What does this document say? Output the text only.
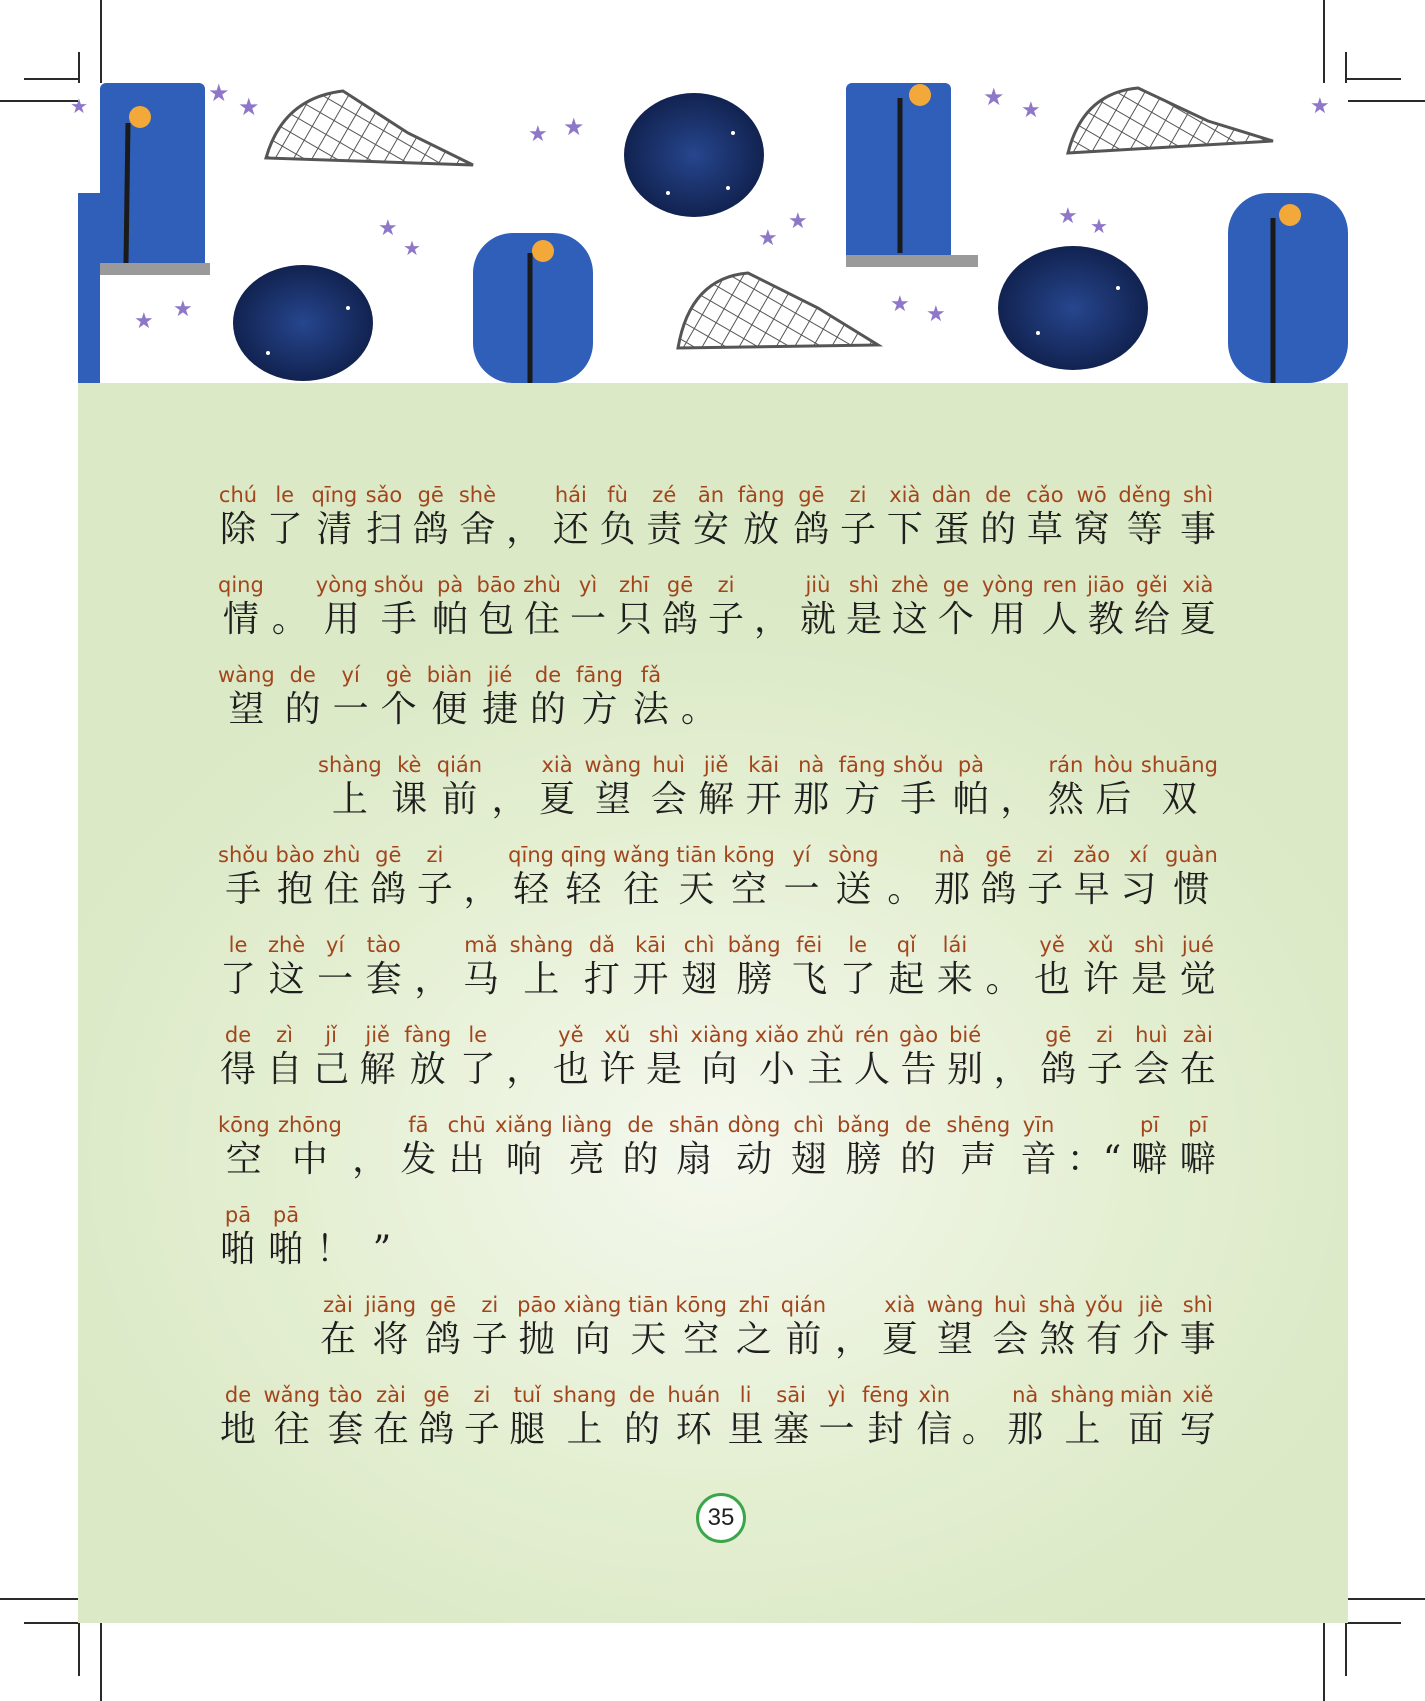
★ ★
★ ★
★
★
★ ★
★
★
★ ★
★ ★
★ ★
★
★
chú
除
le
了
qīng
清
sǎo
扫
gē
鸽
shè
舍 ，
hái
还
fù
负
zé
责
ān
安
fàng
放
gē
鸽
zi
子
xià
下
dàn
蛋
de
的
cǎo
草
wō
窝
děng
等
shì
事
qing
情 。
yòng
用
shǒu
手
pà
帕
bāo
包
zhù
住
yì
一
zhī
只
gē
鸽
zi
子 ，
jiù
就
shì
是
zhè
这
ge
个
yòng
用
ren
人
jiāo
教
gěi
给
xià
夏
wàng
望
de
的
yí
一
gè
个
biàn
便
jié
捷
de
的
fāng
方
fǎ
法 。
shàng
上
kè
课
qián
前 ，
xià
夏
wàng
望
huì
会
jiě
解
kāi
开
nà
那
fāng
方
shǒu
手
pà
帕 ，
rán
然
hòu
后
shuāng
双
shǒu
手
bào
抱
zhù
住
gē
鸽
zi
子 ，
qīng
轻
qīng
轻
wǎng
往
tiān
天
kōng
空
yí
一
sòng
送 。
nà
那
gē
鸽
zi
子
zǎo
早
xí
习
guàn
惯
le
了
zhè
这
yí
一
tào
套 ，
mǎ
马
shàng
上
dǎ
打
kāi
开
chì
翅
bǎng
膀
fēi
飞
le
了
qǐ
起
lái
来 。
yě
也
xǔ
许
shì
是
jué
觉
de
得
zì
自
jǐ
己
jiě
解
fàng
放
le
了 ，
yě
也
xǔ
许
shì
是
xiàng
向
xiǎo
小
zhǔ
主
rén
人
gào
告
bié
别 ，
gē
鸽
zi
子
huì
会
zài
在
kōng
空
zhōng
中 ，
fā
发
chū
出
xiǎng
响
liàng
亮
de
的
shān
扇
dòng
动
chì
翅
bǎng
膀
de
的
shēng
声
yīn
音 ：“
pī
噼
pī
噼
pā
啪
pā
啪 ！ ”
zài
在
jiāng
将
gē
鸽
zi
子
pāo
抛
xiàng
向
tiān
天
kōng
空
zhī
之
qián
前 ，
xià
夏
wàng
望
huì
会
shà
煞
yǒu
有
jiè
介
shì
事
de
地
wǎng
往
tào
套
zài
在
gē
鸽
zi
子
tuǐ
腿
shang
上
de
的
huán
环
li
里
sāi
塞
yì
一
fēng
封
xìn
信 。
nà
那
shàng
上
miàn
面
xiě
写
35
